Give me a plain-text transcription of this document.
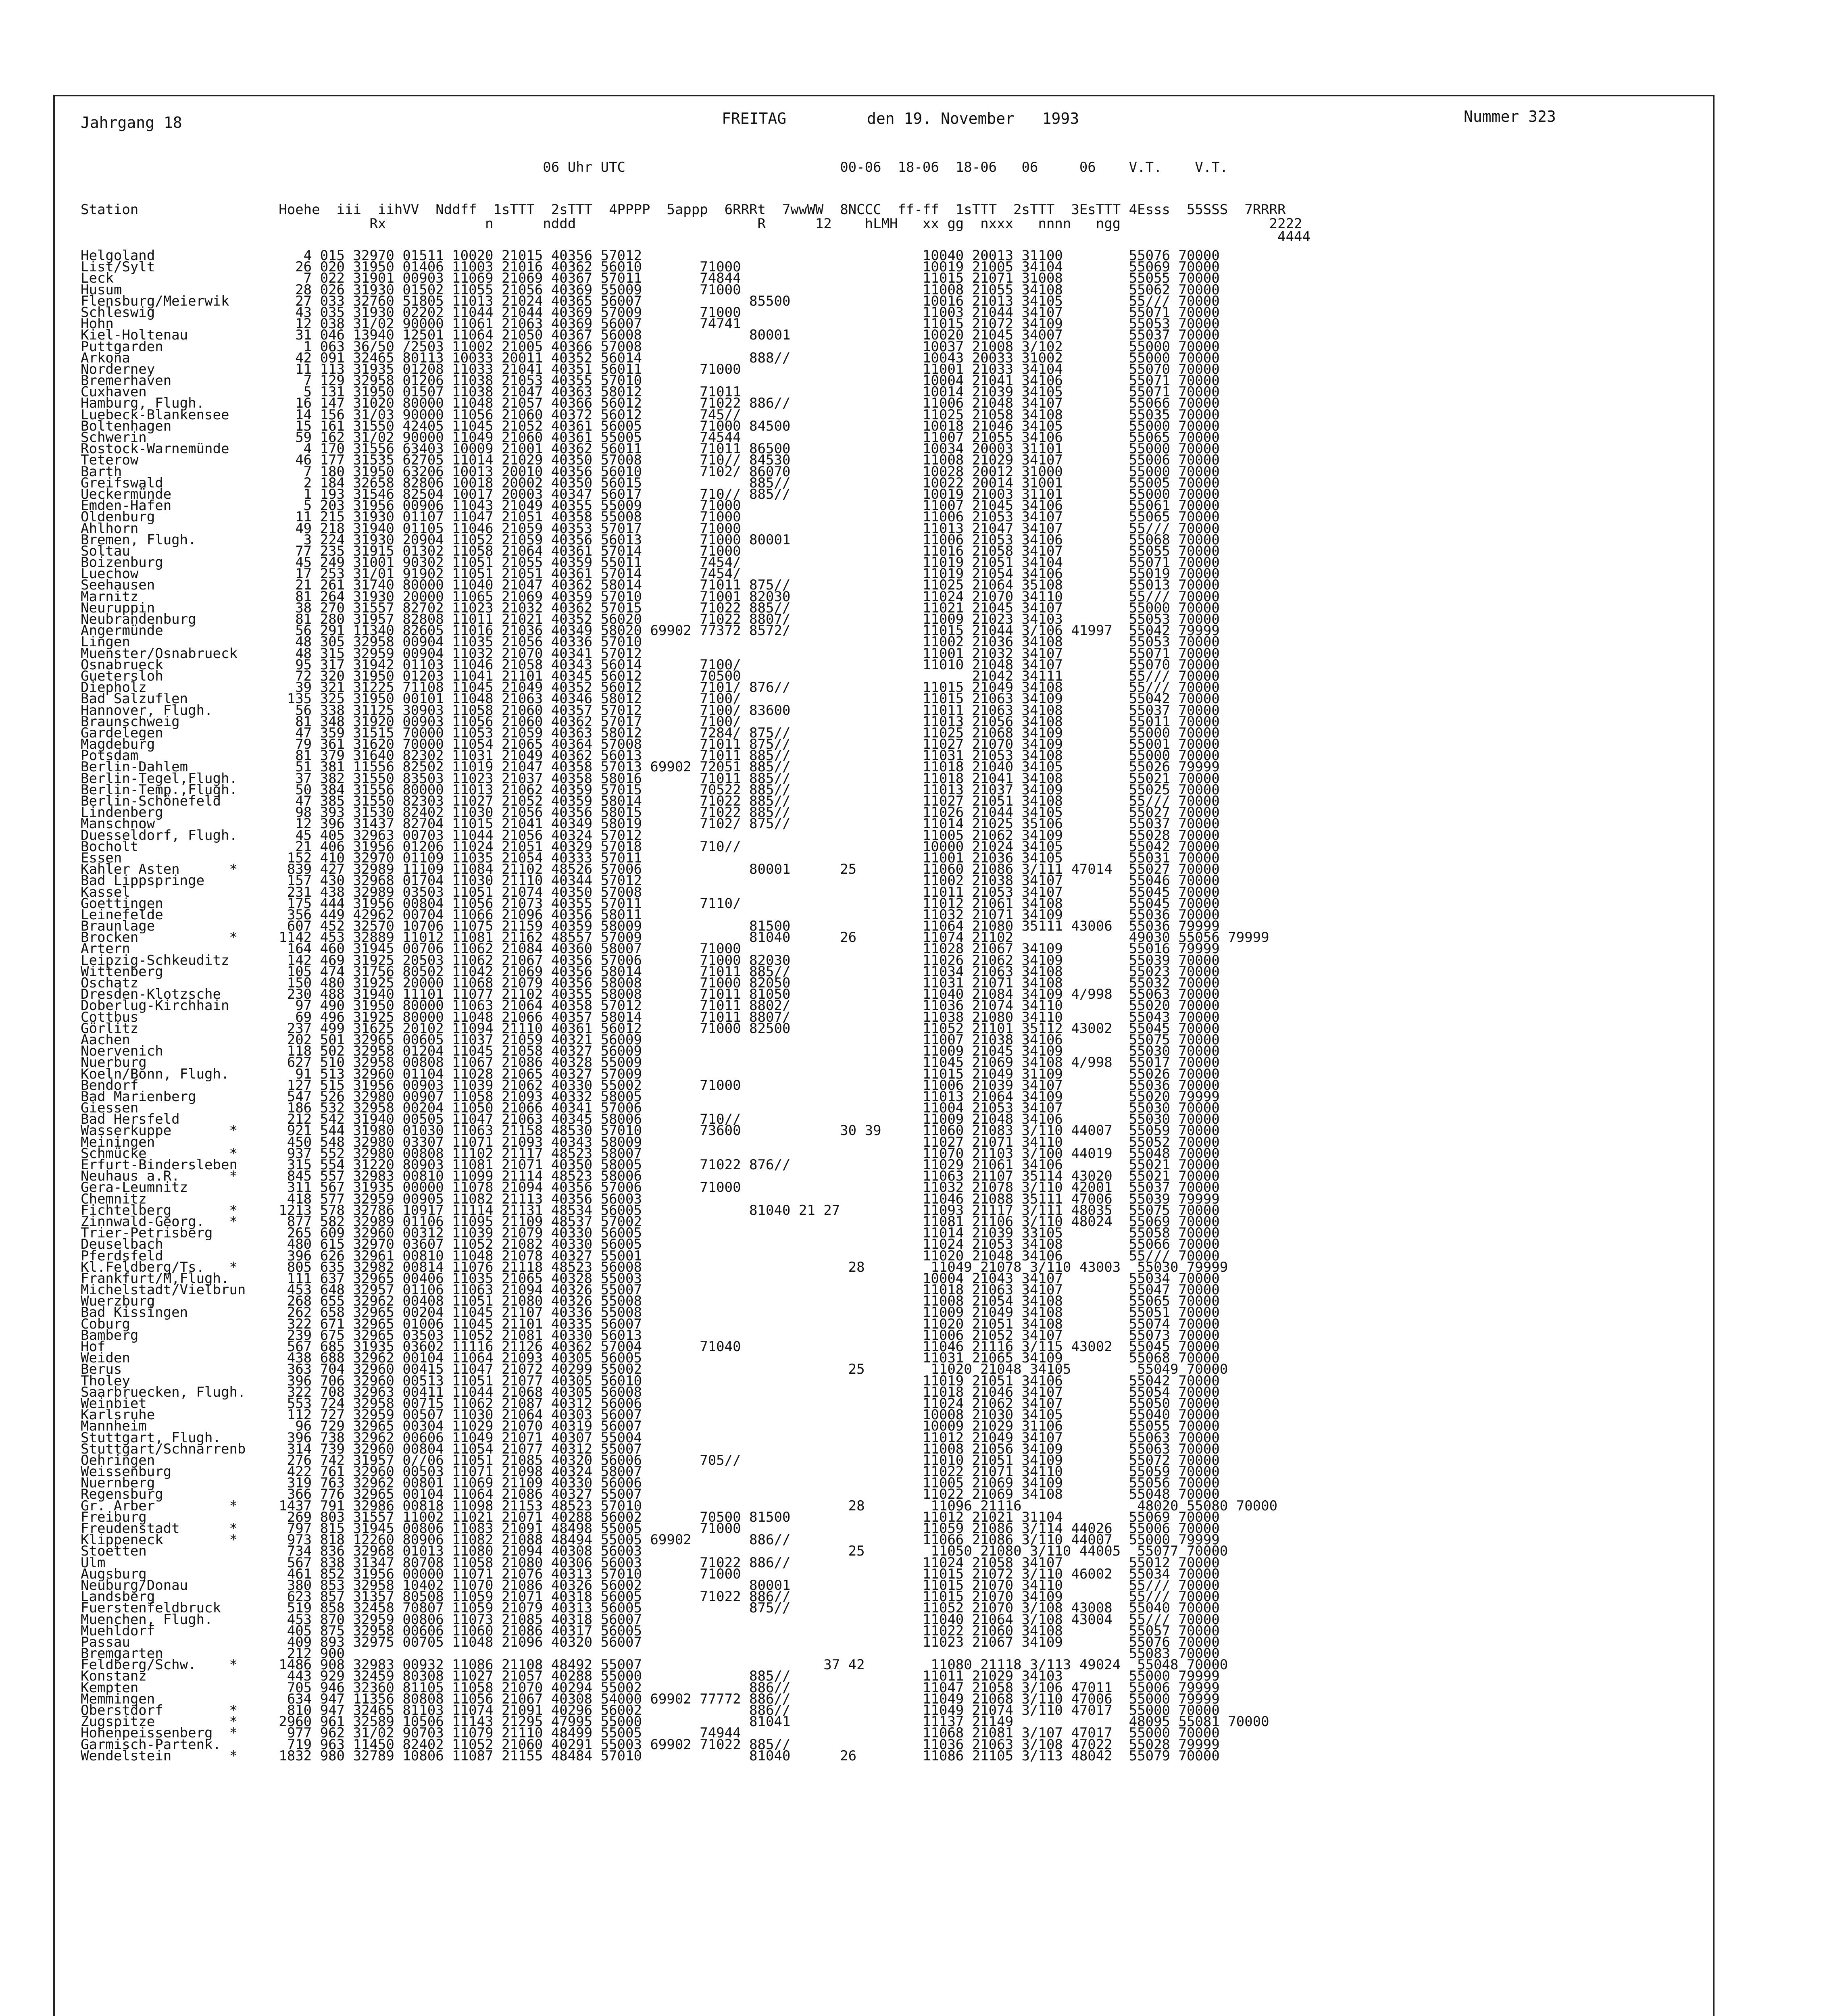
Jahrgang 18	FREITAG	den 19. November   1993	Nummer 323
06 Uhr UTC                          00-06  18-06  18-06   06     06    V.T.    V.T.
Station                 Hoehe  iii  iihVV  Nddff  1sTTT  2sTTT  4PPPP  5appp  6RRRt  7wwWW  8NCCC  ff-ff  1sTTT  2sTTT  3EsTTT 4Esss  55SSS  7RRRR
Rx            n      nddd                      R      12    hLMH   xx gg  nxxx   nnnn   ngg                  2222
4444
Helgoland                  4 015 32970 01511 10020 21015 40356 57012                                  10040 20013 31100        55076 70000
List/Sylt                 26 020 31950 01406 11003 21016 40362 56010       71000                      10019 21005 34104        55069 70000
Leck                       7 022 31901 00903 11069 21069 40367 57011       74844                      11015 21071 31008        55055 70000
Husum                     28 026 31930 01502 11055 21056 40369 55009       71000                      11008 21055 34108        55062 70000
Flensburg/Meierwik        27 033 32760 51805 11013 21024 40365 56007             85500                10016 21013 34105        55/// 70000
Schleswig                 43 035 31930 02202 11044 21044 40369 57009       71000                      11003 21044 34107        55071 70000
Hohn                      12 038 31/02 90000 11061 21063 40369 56007       74741                      11015 21072 34109        55053 70000
Kiel-Holtenau             31 046 13940 12501 11064 21050 40367 56008             80001                10020 21045 34007        55037 70000
Puttgarden                 1 063 36/50 /2503 11002 21005 40366 57008                                  10037 21008 3/102        55000 70000
Arkona                    42 091 32465 80113 10033 20011 40352 56014             888//                10043 20033 31002        55000 70000
Norderney                 11 113 31935 01208 11033 21041 40351 56011       71000                      11001 21033 34104        55070 70000
Bremerhaven                7 129 32958 01206 11038 21053 40355 57010                                  10004 21041 34106        55071 70000
Cuxhaven                   5 131 31950 01507 11038 21047 40363 58012       71011                      10014 21039 34105        55071 70000
Hamburg, Flugh.           16 147 31020 80000 11048 21057 40366 56012       71022 886//                11006 21048 34107        55066 70000
Luebeck-Blankensee        14 156 31/03 90000 11056 21060 40372 56012       745//                      11025 21058 34108        55035 70000
Boltenhagen               15 161 31550 42405 11045 21052 40361 56005       71000 84500                10018 21046 34105        55000 70000
Schwerin                  59 162 31/02 90000 11049 21060 40361 55005       74544                      11007 21055 34106        55065 70000
Rostock-Warnemünde         4 170 31556 63403 10009 21001 40362 56011       71011 86500                10034 20003 31101        55000 70000
Teterow                   46 177 31535 62705 11014 21029 40350 57008       710// 84530                11008 21029 34107        55006 70000
Barth                      7 180 31950 63206 10013 20010 40356 56010       7102/ 86070                10028 20012 31000        55000 70000
Greifswald                 2 184 32658 82806 10018 20002 40350 56015             885//                10022 20014 31001        55005 70000
Ueckermünde                1 193 31546 82504 10017 20003 40347 56017       710// 885//                10019 21003 31101        55000 70000
Emden-Hafen                5 203 31956 00906 11043 21049 40355 55009       71000                      11007 21045 34106        55061 70000
Oldenburg                 11 215 31930 01107 11047 21051 40358 55008       71000                      11006 21053 34107        55065 70000
Ahlhorn                   49 218 31940 01105 11046 21059 40353 57017       71000                      11013 21047 34107        55/// 70000
Bremen, Flugh.             3 224 31930 20904 11052 21059 40356 56013       71000 80001                11006 21053 34106        55068 70000
Soltau                    77 235 31915 01302 11058 21064 40361 57014       71000                      11016 21058 34107        55055 70000
Boizenburg                45 249 31001 90302 11051 21055 40359 55011       7454/                      11019 21051 34104        55071 70000
Luechow                   17 253 31/01 91902 11051 21051 40361 57014       7454/                      11019 21054 34106        55019 70000
Seehausen                 21 261 31740 80000 11040 21047 40362 58014       71011 875//                11025 21064 35108        55013 70000
Marnitz                   81 264 31930 20000 11065 21069 40359 57010       71001 82030                11024 21070 34110        55/// 70000
Neuruppin                 38 270 31557 82702 11023 21032 40362 57015       71022 885//                11021 21045 34107        55000 70000
Neubrandenburg            81 280 31957 82808 11011 21021 40352 56020       71022 8807/                11009 21023 34103        55053 70000
Angermünde                56 291 11340 82605 11016 21036 40349 58020 69902 77372 8572/                11015 21044 3/106 41997  55042 79999
Lingen                    48 305 32958 00904 11035 21056 40336 57010                                  11002 21036 34108        55053 70000
Muenster/Osnabrueck       48 315 32959 00904 11032 21070 40341 57012                                  11001 21032 34107        55071 70000
Osnabrueck                95 317 31942 01103 11046 21058 40343 56014       7100/                      11010 21048 34107        55070 70000
Guetersloh                72 320 31950 01203 11041 21101 40345 56012       70500                            21042 34111        55/// 70000
Diepholz                  39 321 31225 71108 11045 21049 40352 56012       7101/ 876//                11015 21049 34108        55/// 70000
Bad Salzuflen            135 325 31950 00101 11048 21063 40346 58012       7100/                      11015 21063 34109        55042 70000
Hannover, Flugh.          56 338 31125 30903 11058 21060 40357 57012       7100/ 83600                11011 21063 34108        55037 70000
Braunschweig              81 348 31920 00903 11056 21060 40362 57017       7100/                      11013 21056 34108        55011 70000
Gardelegen                47 359 31515 70000 11053 21059 40363 58012       7284/ 875//                11025 21068 34109        55000 70000
Magdeburg                 79 361 31620 70000 11054 21065 40364 57008       71011 875//                11027 21070 34109        55001 70000
Potsdam                   81 379 31640 82302 11031 21049 40362 56013       71011 885//                11031 21053 34108        55000 70000
Berlin-Dahlem             51 381 11556 82502 11019 21047 40358 57013 69902 72051 885//                11018 21040 34105        55026 79999
Berlin-Tegel,Flugh.       37 382 31550 83503 11023 21037 40358 58016       71011 885//                11018 21041 34108        55021 70000
Berlin-Temp.,Flugh.       50 384 31556 80000 11013 21062 40359 57015       70522 885//                11013 21037 34109        55025 70000
Berlin-Schönefeld         47 385 31550 82303 11027 21052 40359 58014       71022 885//                11027 21051 34108        55/// 70000
Lindenberg                98 393 31530 82402 11030 21056 40356 58015       71022 885//                11026 21044 34105        55027 70000
Manschnow                 12 396 31437 82704 11015 21041 40349 58019       7102/ 875//                11014 21025 35106        55037 70000
Duesseldorf, Flugh.       45 405 32963 00703 11044 21056 40324 57012                                  11005 21062 34109        55028 70000
Bocholt                   21 406 31956 01206 11024 21051 40329 57018       710//                      10000 21024 34105        55042 70000
Essen                    152 410 32970 01109 11035 21054 40333 57011                                  11001 21036 34105        55031 70000
Kahler Asten      *      839 427 32989 11109 11084 21102 48526 57006             80001      25        11060 21086 3/111 47014  55027 70000
Bad Lippspringe          157 430 32968 01704 11030 21110 40344 57012                                  11002 21038 34107        55046 70000
Kassel                   231 438 32989 03503 11051 21074 40350 57008                                  11011 21053 34107        55045 70000
Goettingen               175 444 31956 00804 11056 21073 40355 57011       7110/                      11012 21061 34108        55045 70000
Leinefelde               356 449 42962 00704 11066 21096 40356 58011                                  11032 21071 34109        55036 70000
Braunlage                607 452 32570 10706 11075 21159 40359 58009             81500                11064 21080 35111 43006  55036 79999
Brocken           *     1142 453 32889 11012 11081 21162 48557 57009             81040      26        11074 21102              49030 55056 79999
Artern                   164 460 31945 00706 11062 21084 40360 58007       71000                      11028 21067 34109        55016 79999
Leipzig-Schkeuditz       142 469 31925 20503 11062 21067 40356 57006       71000 82030                11026 21062 34109        55039 70000
Wittenberg               105 474 31756 80502 11042 21069 40356 58014       71011 885//                11034 21063 34108        55023 70000
Oschatz                  150 480 31925 20000 11068 21079 40356 58008       71000 82050                11031 21071 34108        55032 70000
Dresden-Klotzsche        230 488 31940 11101 11077 21102 40355 58008       71011 81050                11040 21084 34109 4/998  55063 70000
Doberlug-Kirchhain        97 490 31950 80000 11063 21064 40358 57012       71011 8802/                11036 21074 34110        55020 70000
Cottbus                   69 496 31925 80000 11048 21066 40357 58014       71011 8807/                11038 21080 34110        55043 70000
Görlitz                  237 499 31625 20102 11094 21110 40361 56012       71000 82500                11052 21101 35112 43002  55045 70000
Aachen                   202 501 32965 00605 11037 21059 40321 56009                                  11007 21038 34106        55075 70000
Noervenich               118 502 32958 01204 11045 21058 40327 56009                                  11009 21045 34109        55030 70000
Nuerburg                 627 510 32958 00808 11067 21086 40328 55009                                  11045 21069 34108 4/998  55017 70000
Koeln/Bonn, Flugh.        91 513 32960 01104 11028 21065 40327 57009                                  11015 21049 31109        55026 70000
Bendorf                  127 515 31956 00903 11039 21062 40330 55002       71000                      11006 21039 34107        55036 70000
Bad Marienberg           547 526 32980 00907 11058 21093 40332 58005                                  11013 21064 34109        55020 79999
Giessen                  186 532 32958 00204 11050 21066 40341 57006                                  11004 21053 34107        55030 70000
Bad Hersfeld             212 542 31940 00505 11047 21063 40345 58006       710//                      11009 21048 34106        55030 70000
Wasserkuppe       *      921 544 31980 01030 11063 21158 48530 57010       73600            30 39     11060 21083 3/110 44007  55059 70000
Meiningen                450 548 32980 03307 11071 21093 40343 58009                                  11027 21071 34110        55052 70000
Schmücke          *      937 552 32980 00808 11102 21117 48523 58007                                  11070 21103 3/100 44019  55048 70000
Erfurt-Bindersleben      315 554 31220 80903 11081 21071 40350 58005       71022 876//                11029 21061 34106        55021 70000
Neuhaus a.R.      *      845 557 32983 00810 11099 21114 48523 58006                                  11063 21107 35114 43020  55021 70000
Gera-Leumnitz            311 567 31935 00000 11078 21094 40356 57006       71000                      11032 21078 3/110 42001  55037 70000
Chemnitz                 418 577 32959 00905 11082 21113 40356 56003                                  11046 21088 35111 47006  55039 79999
Fichtelberg       *     1213 578 32786 10917 11114 21131 48534 56005             81040 21 27          11093 21117 3/111 48035  55075 70000
Zinnwald-Georg.   *      877 582 32989 01106 11095 21109 48537 57002                                  11081 21106 3/110 48024  55069 70000
Trier-Petrisberg         265 609 32960 00312 11039 21079 40330 56005                                  11014 21039 33105        55058 70000
Deuselbach               480 615 32970 03607 11052 21082 40330 56005                                  11024 21053 34108        55066 70000
Pferdsfeld               396 626 32961 00810 11048 21078 40327 55001                                  11020 21048 34106        55/// 70000
Kl.Feldberg/Ts.   *      805 635 32982 00814 11076 21118 48523 56008                         28        11049 21078 3/110 43003  55030 79999
Frankfurt/M,Flugh.       111 637 32965 00406 11035 21065 40328 55003                                  10004 21043 34107        55034 70000
Michelstadt/Vielbrun     453 648 32957 01106 11063 21094 40326 55007                                  11018 21063 34107        55047 70000
Wuerzburg                268 655 32962 00408 11051 21080 40326 55008                                  11008 21054 34108        55065 70000
Bad Kissingen            262 658 32965 00204 11045 21107 40336 55008                                  11009 21049 34108        55051 70000
Coburg                   322 671 32965 01006 11045 21101 40335 56007                                  11020 21051 34108        55074 70000
Bamberg                  239 675 32965 03503 11052 21081 40330 56013                                  11006 21052 34107        55073 70000
Hof                      567 685 31935 03602 11116 21126 40362 57004       71040                      11046 21116 3/115 43002  55045 70000
Weiden                   438 688 32962 00104 11064 21093 40305 56005                                  11031 21065 34109        55068 70000
Berus                    363 704 32960 00415 11047 21072 40299 55002                         25        11020 21048 34105        55049 70000
Tholey                   396 706 32960 00513 11051 21077 40305 56010                                  11019 21051 34106        55042 70000
Saarbruecken, Flugh.     322 708 32963 00411 11044 21068 40305 56008                                  11018 21046 34107        55054 70000
Weinbiet                 553 724 32958 00715 11062 21087 40312 56006                                  11024 21062 34107        55050 70000
Karlsruhe                112 727 32959 00507 11030 21064 40303 56007                                  10008 21030 34105        55040 70000
Mannheim                  96 729 32965 00304 11029 21070 40319 56007                                  10009 21029 31106        55055 70000
Stuttgart, Flugh.        396 738 32962 00606 11049 21071 40307 55004                                  11012 21049 34107        55063 70000
Stuttgart/Schnarrenb     314 739 32960 00804 11054 21077 40312 55007                                  11008 21056 34109        55063 70000
Oehringen                276 742 31957 0//06 11051 21085 40320 56006       705//                      11010 21051 34109        55072 70000
Weissenburg              422 761 32960 00503 11071 21098 40324 58007                                  11022 21071 34110        55059 70000
Nuernberg                319 763 32962 00801 11069 21109 40330 56006                                  11005 21069 34109        55056 70000
Regensburg               366 776 32965 00104 11064 21086 40327 55007                                  11022 21069 34108        55048 70000
Gr. Arber         *     1437 791 32986 00818 11098 21153 48523 57010                         28        11096 21116              48020 55080 70000
Freiburg                 269 803 31557 11002 11021 21071 40288 56002       70500 81500                11012 21021 31104        55069 70000
Freudenstadt      *      797 815 31945 00806 11083 21091 48498 55005       71000                      11059 21086 3/114 44026  55006 70000
Klippeneck        *      973 818 12260 80906 11082 21088 48494 55005 69902       886//                11066 21086 3/110 44007  55000 79999
Stoetten                 734 836 32968 01013 11080 21094 40308 56003                         25        11050 21080 3/110 44005  55077 70000
Ulm                      567 838 31347 80708 11058 21080 40306 56003       71022 886//                11024 21058 34107        55012 70000
Augsburg                 461 852 31956 00000 11071 21076 40313 57010       71000                      11015 21072 3/110 46002  55034 70000
Neuburg/Donau            380 853 32958 10402 11070 21086 40326 56002             80001                11015 21070 34110        55/// 70000
Landsberg                623 857 31357 80508 11059 21071 40318 56005       71022 886//                11015 21070 34109        55/// 70000
Fuerstenfeldbruck        519 858 32458 70807 11059 21079 40313 56005             875//                11052 21070 3/108 43008  55040 70000
Muenchen, Flugh.         453 870 32959 00806 11073 21085 40318 56007                                  11040 21064 3/108 43004  55/// 70000
Muehldorf                405 875 32958 00606 11060 21086 40317 56005                                  11022 21060 34108        55057 70000
Passau                   409 893 32975 00705 11048 21096 40320 56007                                  11023 21067 34109        55076 70000
Bremgarten               212 900                                                                                               55083 70000
Feldberg/Schw.    *     1486 908 32983 00932 11086 21108 48492 55007                      37 42        11080 21118 3/113 49024  55048 70000
Konstanz                 443 929 32459 80308 11027 21057 40288 55000             885//                11011 21029 34103        55000 79999
Kempten                  705 946 32360 81105 11058 21070 40294 55002             886//                11047 21058 3/106 47011  55006 79999
Memmingen                634 947 11356 80808 11056 21067 40308 54000 69902 77772 886//                11049 21068 3/110 47006  55000 79999
Oberstdorf        *      810 947 32465 81103 11074 21091 40296 56002             886//                11049 21074 3/110 47017  55000 70000
Zugspitze         *     2960 961 32589 10506 11143 21295 47995 55000             81041                11137 21149              48095 55081 70000
Hohenpeissenberg  *      977 962 31/02 90703 11079 21110 48499 55005       74944                      11068 21081 3/107 47017  55000 70000
Garmisch-Partenk.        719 963 11450 82402 11052 21060 40291 55003 69902 71022 885//                11036 21063 3/108 47022  55028 79999
Wendelstein       *     1832 980 32789 10806 11087 21155 48484 57010             81040      26        11086 21105 3/113 48042  55079 70000
